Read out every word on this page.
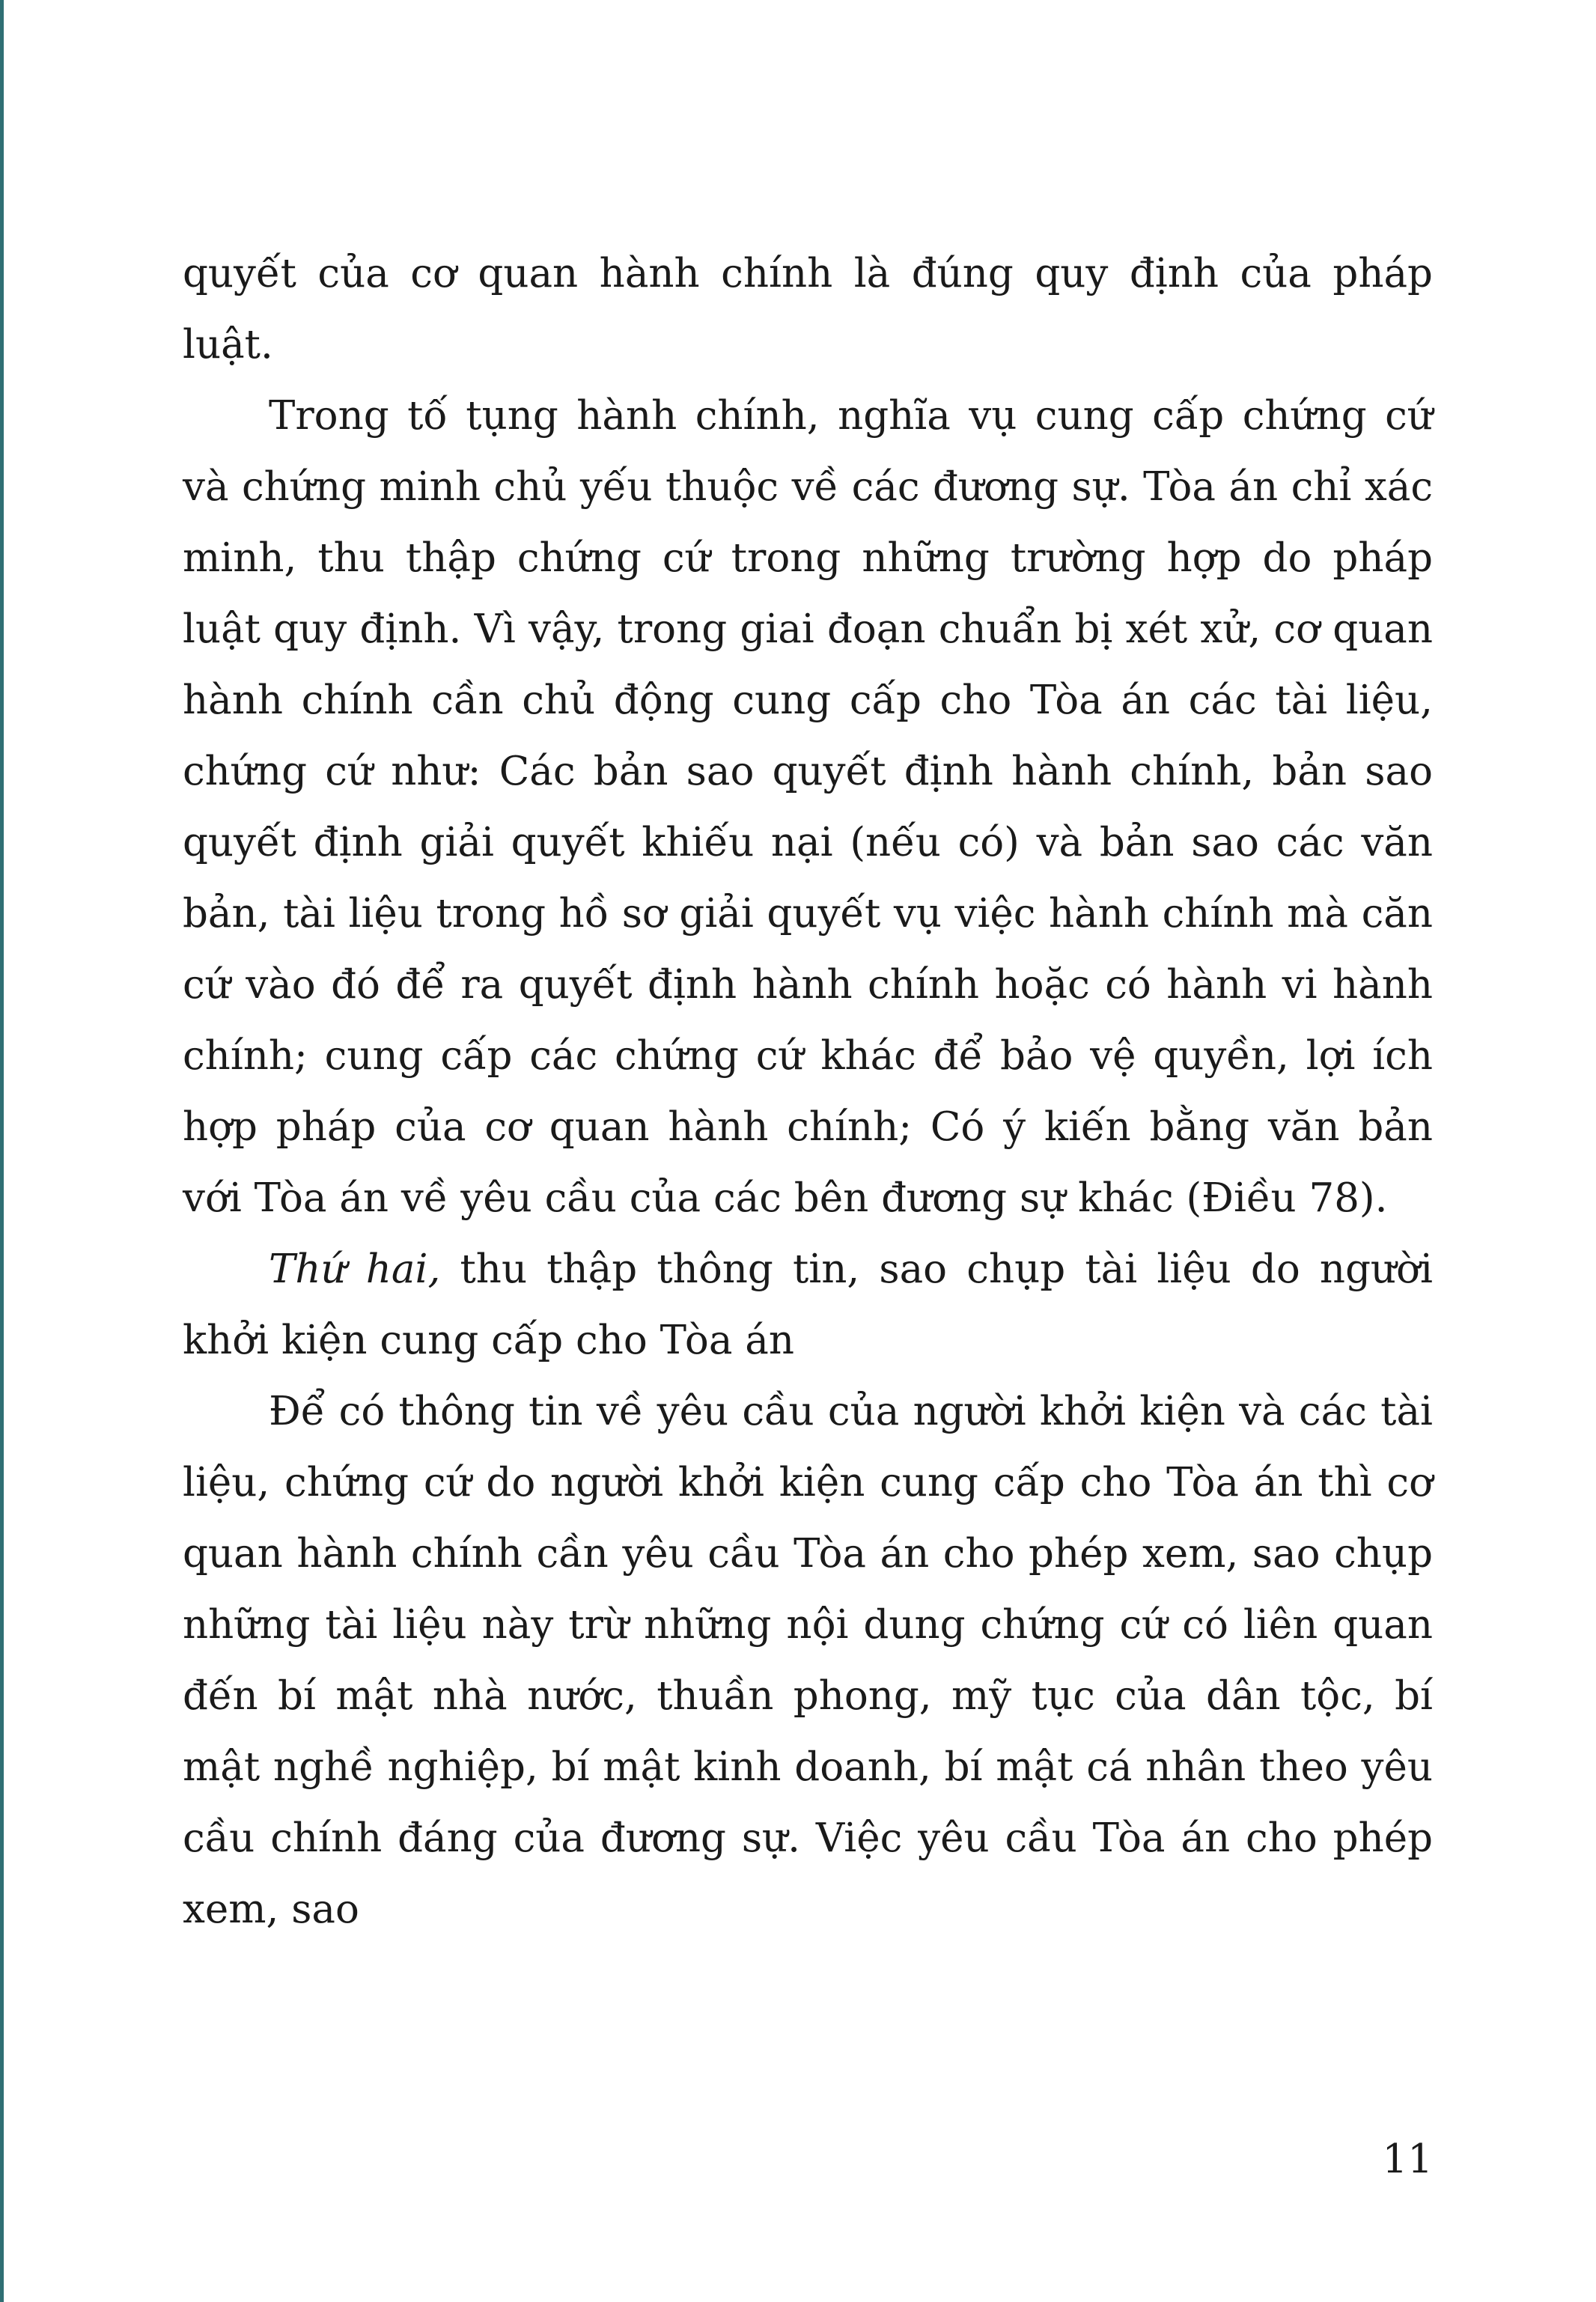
quyết của cơ quan hành chính là đúng quy định của pháp luật.

Trong tố tụng hành chính, nghĩa vụ cung cấp chứng cứ và chứng minh chủ yếu thuộc về các đương sự. Tòa án chỉ xác minh, thu thập chứng cứ trong những trường hợp do pháp luật quy định. Vì vậy, trong giai đoạn chuẩn bị xét xử, cơ quan hành chính cần chủ động cung cấp cho Tòa án các tài liệu, chứng cứ như: Các bản sao quyết định hành chính, bản sao quyết định giải quyết khiếu nại (nếu có) và bản sao các văn bản, tài liệu trong hồ sơ giải quyết vụ việc hành chính mà căn cứ vào đó để ra quyết định hành chính hoặc có hành vi hành chính; cung cấp các chứng cứ khác để bảo vệ quyền, lợi ích hợp pháp của cơ quan hành chính; Có ý kiến bằng văn bản với Tòa án về yêu cầu của các bên đương sự khác (Điều 78).

Thứ hai, thu thập thông tin, sao chụp tài liệu do người khởi kiện cung cấp cho Tòa án

Để có thông tin về yêu cầu của người khởi kiện và các tài liệu, chứng cứ do người khởi kiện cung cấp cho Tòa án thì cơ quan hành chính cần yêu cầu Tòa án cho phép xem, sao chụp những tài liệu này trừ những nội dung chứng cứ có liên quan đến bí mật nhà nước, thuần phong, mỹ tục của dân tộc, bí mật nghề nghiệp, bí mật kinh doanh, bí mật cá nhân theo yêu cầu chính đáng của đương sự. Việc yêu cầu Tòa án cho phép xem, sao

11
